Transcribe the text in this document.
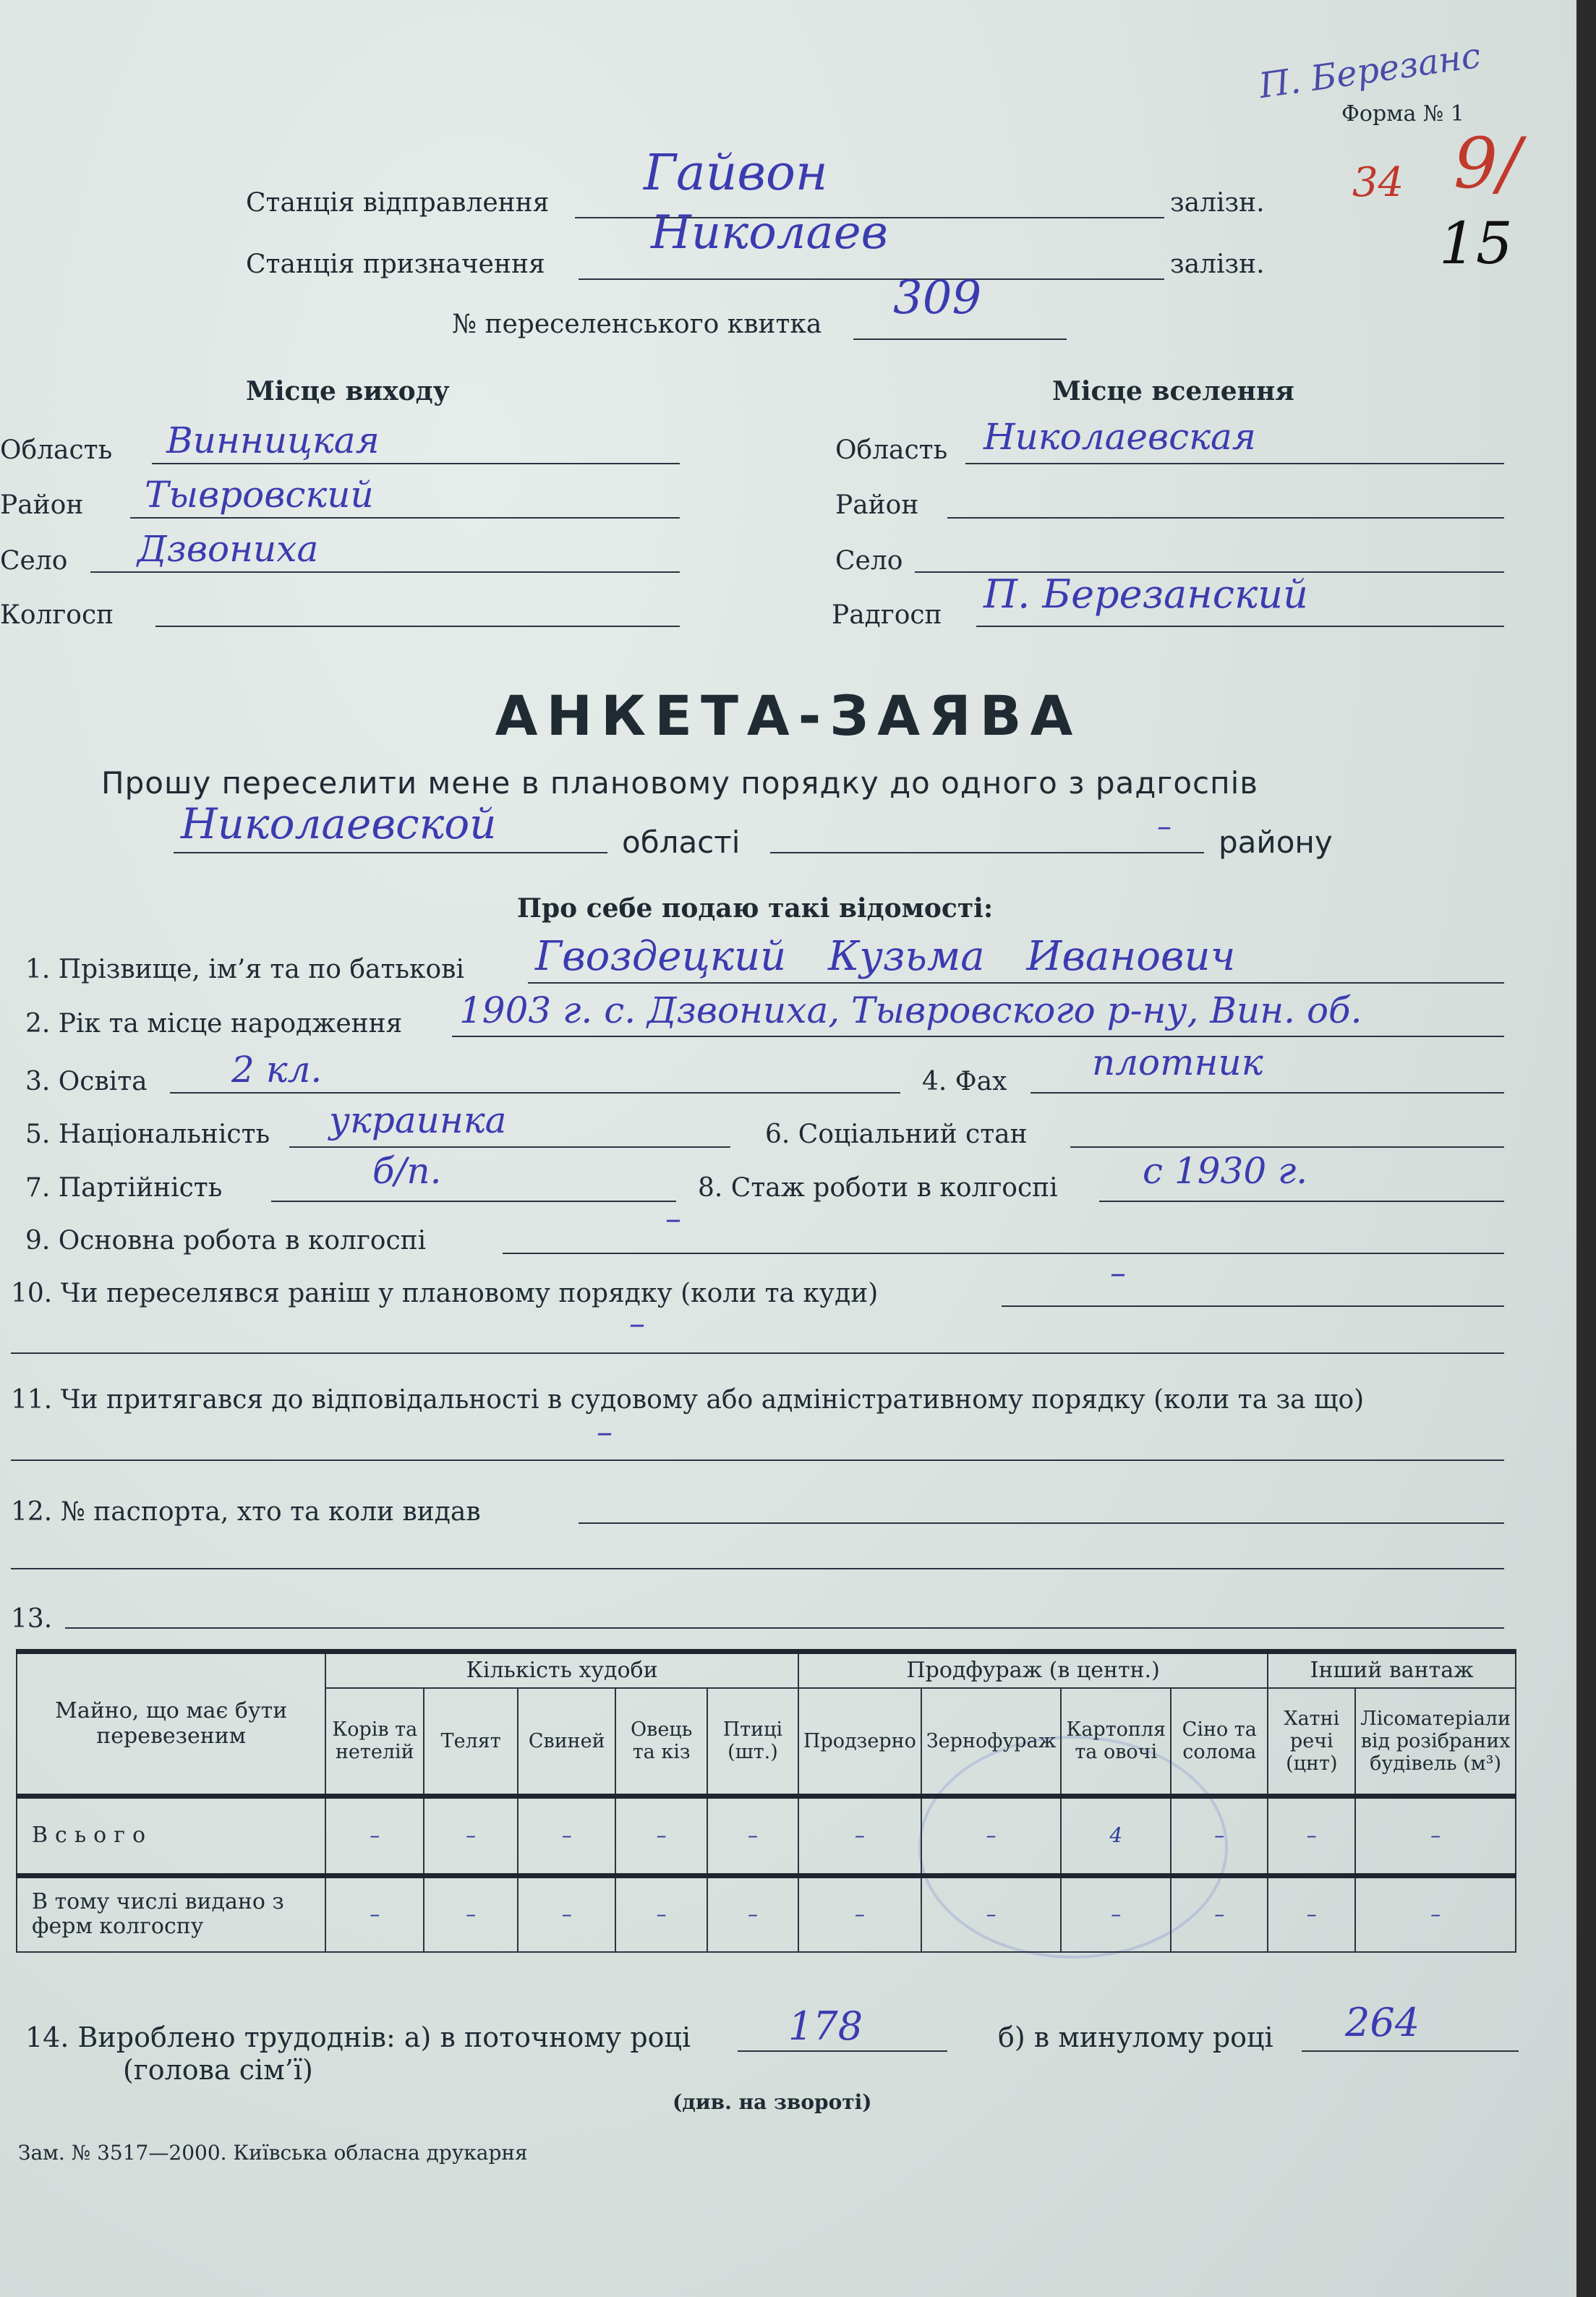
П. Березанс
Форма № 1
34 9/
15
Станція відправлення
Гайвон
залізн.
Станція призначення
Николаев
залізн.
№ переселенського квитка 309
Місце виходу	Місце вселення
Область Винницкая
Район Тывровский
Село Дзвониха
Колгосп
Область Николаевская
Район
Село
Радгосп П. Березанский
АНКЕТА-ЗАЯВА
Прошу переселити мене в плановому порядку до одного з радгоспів
Николаевской	області	– району
Про себе подаю такі відомості:
1. Прізвище, ім’я та по батькові Гвоздецкий Кузьма Иванович
2. Рік та місце народження 1903 г. с. Дзвониха, Тывровского р-ну, Вин. об.
3. Освіта 2 кл.	4. Фах плотник
5. Національність украинка	6. Соціальний стан
7. Партійність	б/п.	8. Стаж роботи в колгоспі с 1930 г.
9. Основна робота в колгоспі
–
10. Чи переселявся раніш у плановому порядку (коли та куди)
–
–
11. Чи притягався до відповідальності в судовому або адміністративному порядку (коли та за що)
–
12. № паспорта, хто та коли видав
13.
Майно, що має бути перевезеним	Кількість худоби					Продфураж (в центн.)				Інший вантаж	
	Корів та нетелій	Телят	Свиней	Овець та кіз	Птиці (шт.)	Продзерно	Зернофураж	Картопля та овочі	Сіно та солома	Хатні речі (цнт)	Лісоматеріали від розібраних будівель (м³)
Всього	–	–	–	–	–	–	–	4	–	–	–
В тому числі видано з ферм колгоспу	–	–	–	–	–	–	–	–	–	–	–
14. Вироблено трудоднів: а) в поточному році
(голова сім’ї)
178	б) в минулому році 264
(див. на звороті)
Зам. № 3517—2000. Київська обласна друкарня
